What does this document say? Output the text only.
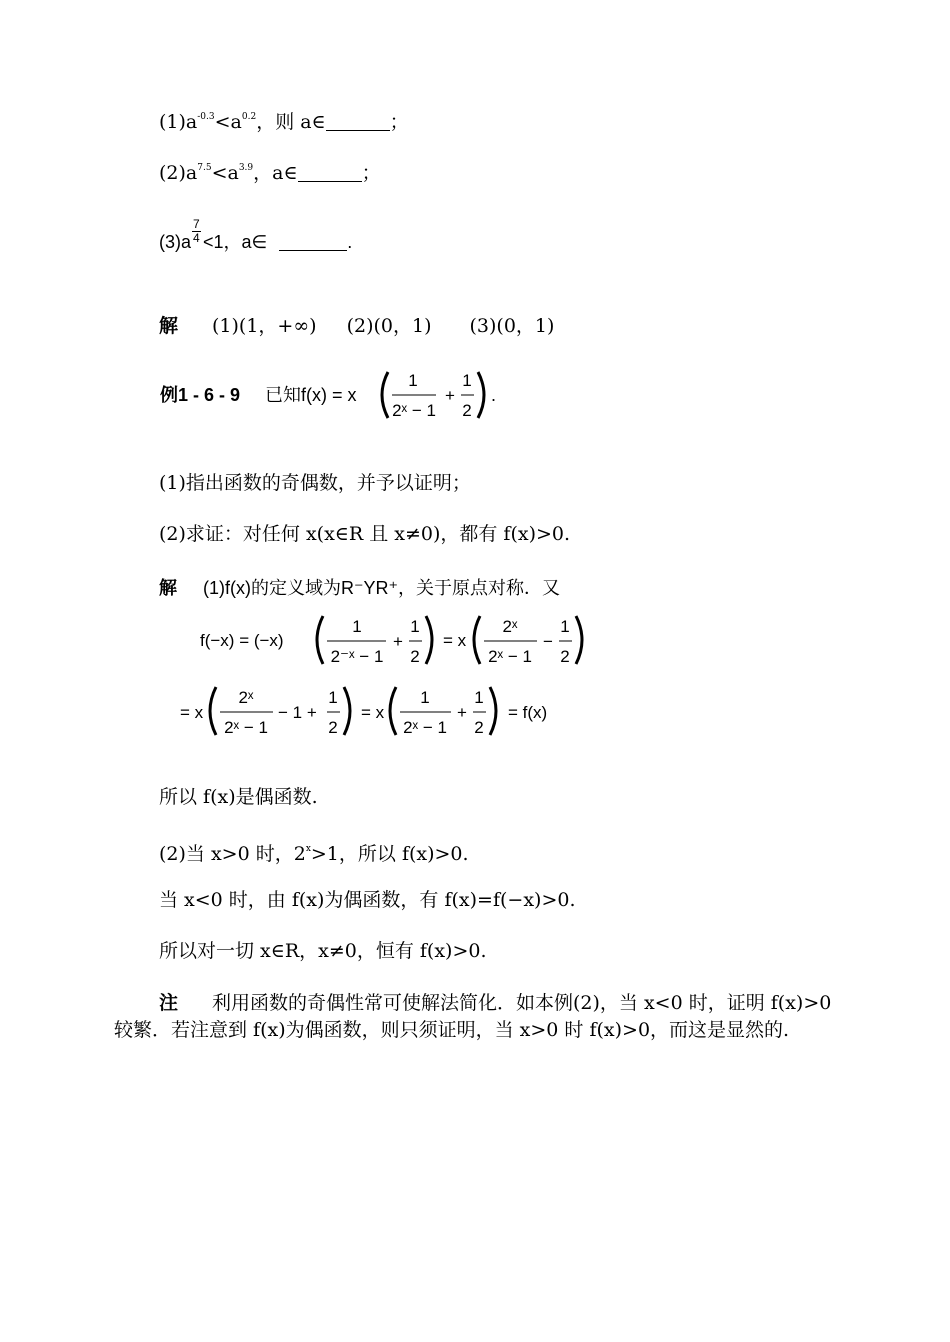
$(1)a^{-0.3}<a^{0.2}$，则 a∈	；
$(2)a^{7.5}<a^{3.9}$，a∈	；
$(3)a \frac{7}{4} <1$，a∈	.
解 (1)(1，+∞) (2)(0，1) (3)(0，1)
例1 - 6 - 9 已知f(x) = x
1
2ˣ − 1
+
1
2
.
(1)指出函数的奇偶数，并予以证明；
(2)求证：对任何 x(x∈R 且 x≠0)，都有 f(x)>0.
解 (1)f(x)的定义域为R⁻YR⁺，关于原点对称．又
f(−x) = (−x)
1
2⁻ˣ − 1
+
1
2
= x
2ˣ
2ˣ − 1
−
1
2
= x
2ˣ
2ˣ − 1
− 1 +
1
2
= x
1
2ˣ − 1
+
1
2
= f(x)
所以 f(x)是偶函数.
(2)当 x>0 时，$2^x>1$，所以 f(x)>0.
当 x<0 时，由 f(x)为偶函数，有 f(x)=f(−x)>0.
所以对一切 x∈R，x≠0，恒有 f(x)>0.
注 利用函数的奇偶性常可使解法简化．如本例(2)，当 x<0 时，证明 f(x)>0 较繁．若注意到 f(x)为偶函数，则只须证明，当 x>0 时 f(x)>0，而这是显然的.
